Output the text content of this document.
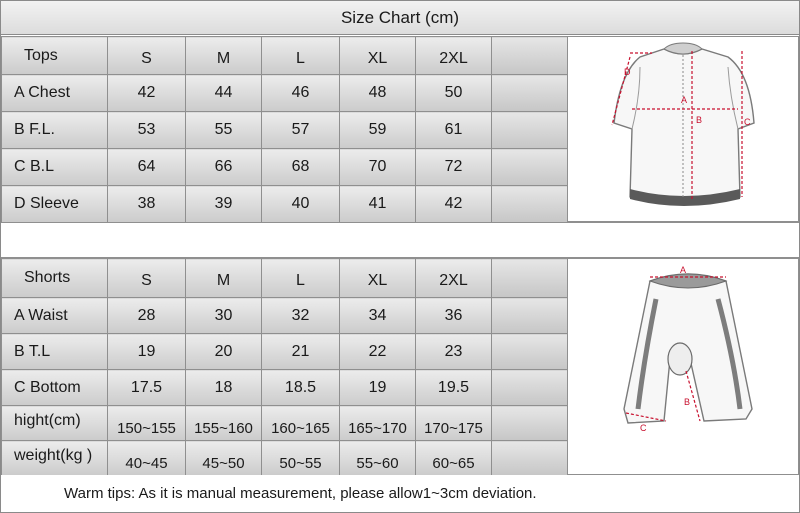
Size Chart (cm)
Tops	S	M	L	XL	2XL	
A Chest	42	44	46	48	50	
B F.L.	53	55	57	59	61	
C B.L	64	66	68	70	72	
D Sleeve	38	39	40	41	42	
A
B	C
D
Shorts	S	M	L	XL	2XL	
A Waist	28	30	32	34	36	
B T.L	19	20	21	22	23	
C Bottom	17.5	18	18.5	19	19.5	
hight(cm)	150~155	155~160	160~165	165~170	170~175	
weight(kg )	40~45	45~50	50~55	55~60	60~65	
A
B
C
Warm tips: As it is manual measurement, please allow1~3cm deviation.
